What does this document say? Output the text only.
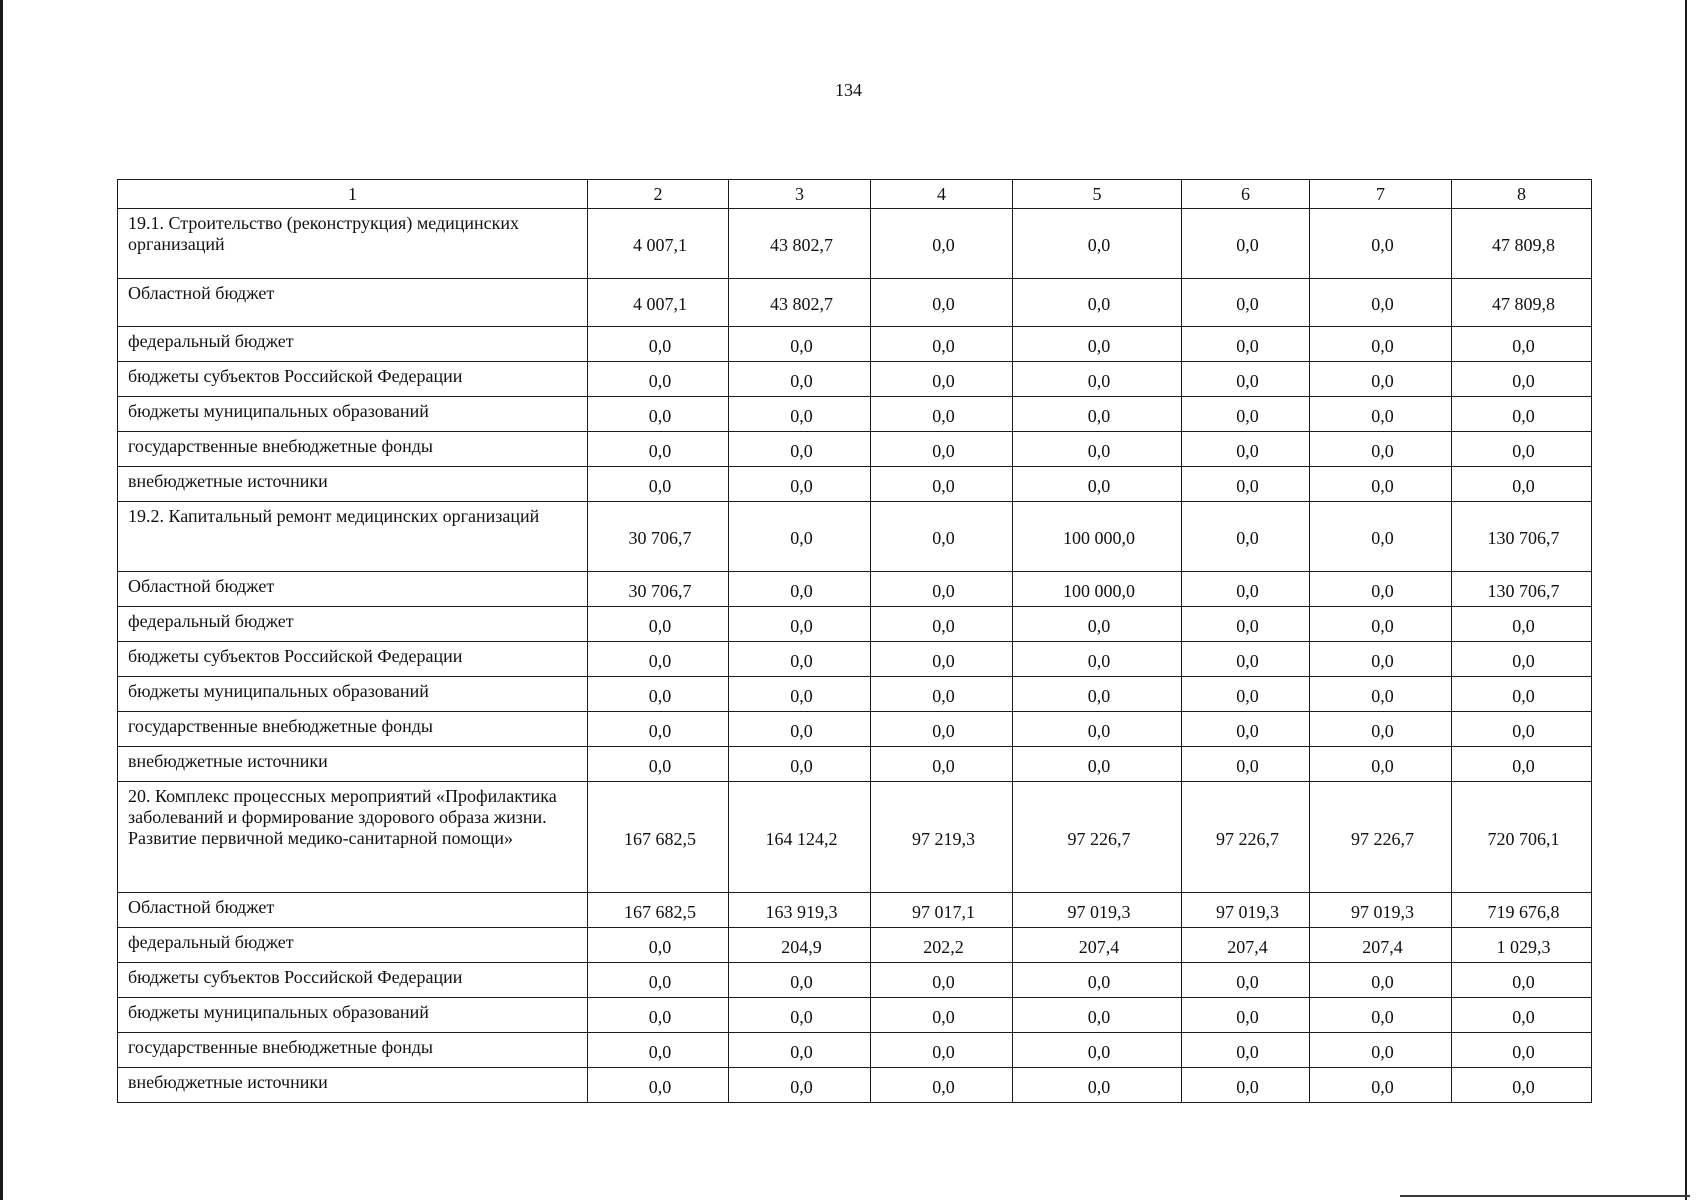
134
1	2	3	4	5	6	7	8
19.1. Строительство (реконструкция) медицинских организаций	4 007,1	43 802,7	0,0	0,0	0,0	0,0	47 809,8
Областной бюджет	4 007,1	43 802,7	0,0	0,0	0,0	0,0	47 809,8
федеральный бюджет	0,0	0,0	0,0	0,0	0,0	0,0	0,0
бюджеты субъектов Российской Федерации	0,0	0,0	0,0	0,0	0,0	0,0	0,0
бюджеты муниципальных образований	0,0	0,0	0,0	0,0	0,0	0,0	0,0
государственные внебюджетные фонды	0,0	0,0	0,0	0,0	0,0	0,0	0,0
внебюджетные источники	0,0	0,0	0,0	0,0	0,0	0,0	0,0
19.2. Капитальный ремонт медицинских организаций	30 706,7	0,0	0,0	100 000,0	0,0	0,0	130 706,7
Областной бюджет	30 706,7	0,0	0,0	100 000,0	0,0	0,0	130 706,7
федеральный бюджет	0,0	0,0	0,0	0,0	0,0	0,0	0,0
бюджеты субъектов Российской Федерации	0,0	0,0	0,0	0,0	0,0	0,0	0,0
бюджеты муниципальных образований	0,0	0,0	0,0	0,0	0,0	0,0	0,0
государственные внебюджетные фонды	0,0	0,0	0,0	0,0	0,0	0,0	0,0
внебюджетные источники	0,0	0,0	0,0	0,0	0,0	0,0	0,0
20. Комплекс процессных мероприятий «Профилактика заболеваний и формирование здорового образа жизни. Развитие первичной медико-санитарной помощи»	167 682,5	164 124,2	97 219,3	97 226,7	97 226,7	97 226,7	720 706,1
Областной бюджет	167 682,5	163 919,3	97 017,1	97 019,3	97 019,3	97 019,3	719 676,8
федеральный бюджет	0,0	204,9	202,2	207,4	207,4	207,4	1 029,3
бюджеты субъектов Российской Федерации	0,0	0,0	0,0	0,0	0,0	0,0	0,0
бюджеты муниципальных образований	0,0	0,0	0,0	0,0	0,0	0,0	0,0
государственные внебюджетные фонды	0,0	0,0	0,0	0,0	0,0	0,0	0,0
внебюджетные источники	0,0	0,0	0,0	0,0	0,0	0,0	0,0
